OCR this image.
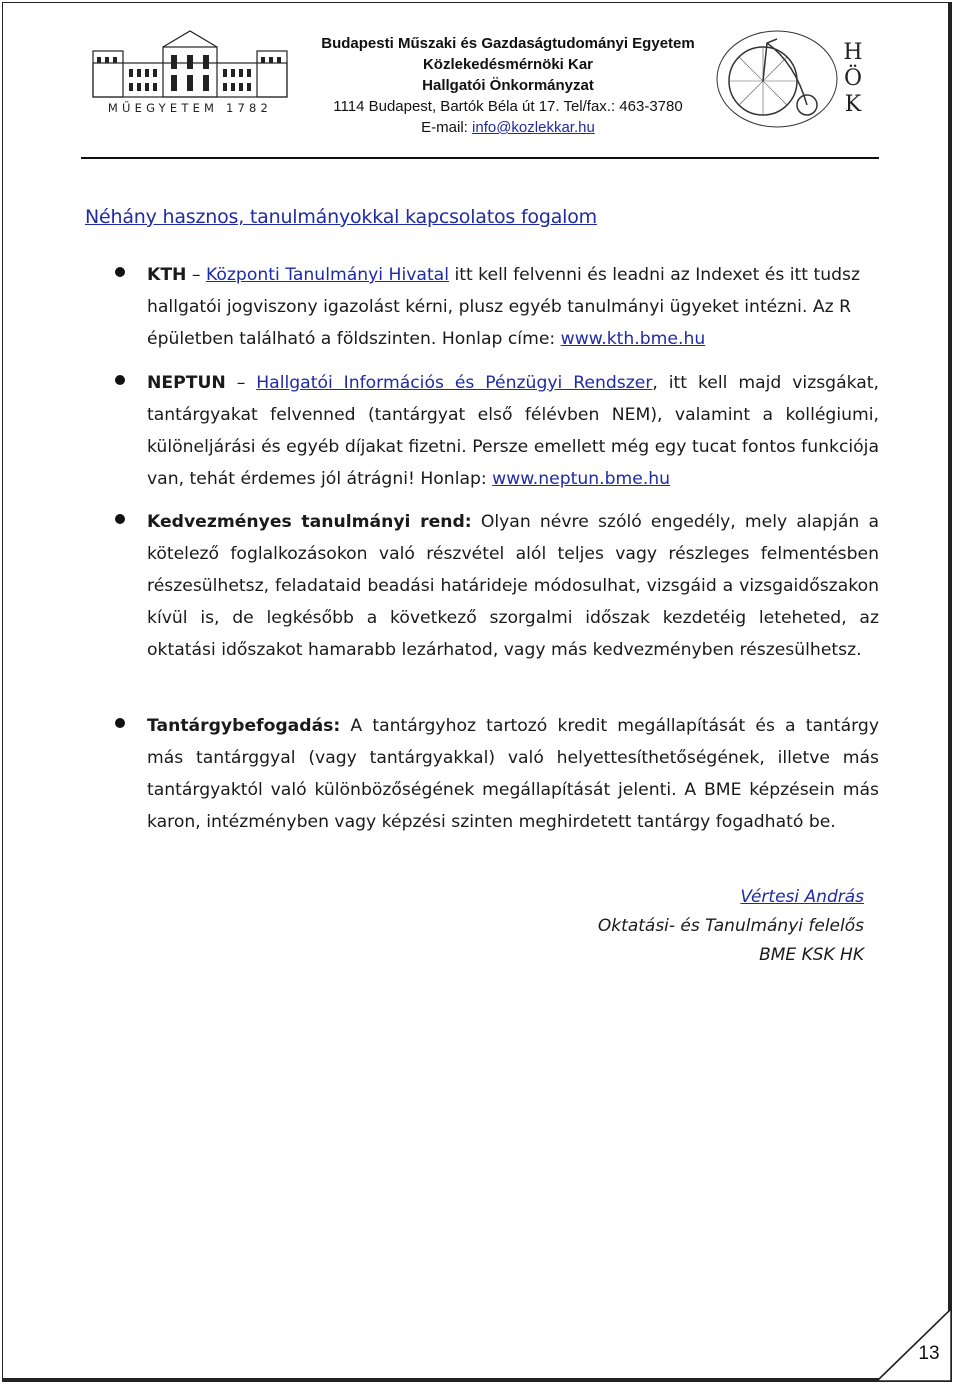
MŰEGYETEM 1782
Budapesti Műszaki és Gazdaságtudományi Egyetem
Közlekedésmérnöki Kar
Hallgatói Önkormányzat
1114 Budapest, Bartók Béla út 17. Tel/fax.: 463-3780
E-mail: info@kozlekkar.hu
H
Ö
K
Néhány hasznos, tanulmányokkal kapcsolatos fogalom
KTH – Központi Tanulmányi Hivatal itt kell felvenni és leadni az Indexet és itt tudsz hallgatói jogviszony igazolást kérni, plusz egyéb tanulmányi ügyeket intézni. Az R épületben található a földszinten. Honlap címe: www.kth.bme.hu
NEPTUN – Hallgatói Információs és Pénzügyi Rendszer, itt kell majd vizsgákat, tantárgyakat felvenned (tantárgyat első félévben NEM), valamint a kollégiumi, különeljárási és egyéb díjakat fizetni. Persze emellett még egy tucat fontos funkciója van, tehát érdemes jól átrágni! Honlap: www.neptun.bme.hu
Kedvezményes tanulmányi rend: Olyan névre szóló engedély, mely alapján a kötelező foglalkozásokon való részvétel alól teljes vagy részleges felmentésben részesülhetsz, feladataid beadási határideje módosulhat, vizsgáid a vizsgaidőszakon kívül is, de legkésőbb a következő szorgalmi időszak kezdetéig leteheted, az oktatási időszakot hamarabb lezárhatod, vagy más kedvezményben részesülhetsz.
Tantárgybefogadás: A tantárgyhoz tartozó kredit megállapítását és a tantárgy más tantárggyal (vagy tantárgyakkal) való helyettesíthetőségének, illetve más tantárgyaktól való különbözőségének megállapítását jelenti. A BME képzésein más karon, intézményben vagy képzési szinten meghirdetett tantárgy fogadható be.
Vértesi András
Oktatási- és Tanulmányi felelős
BME KSK HK
13
